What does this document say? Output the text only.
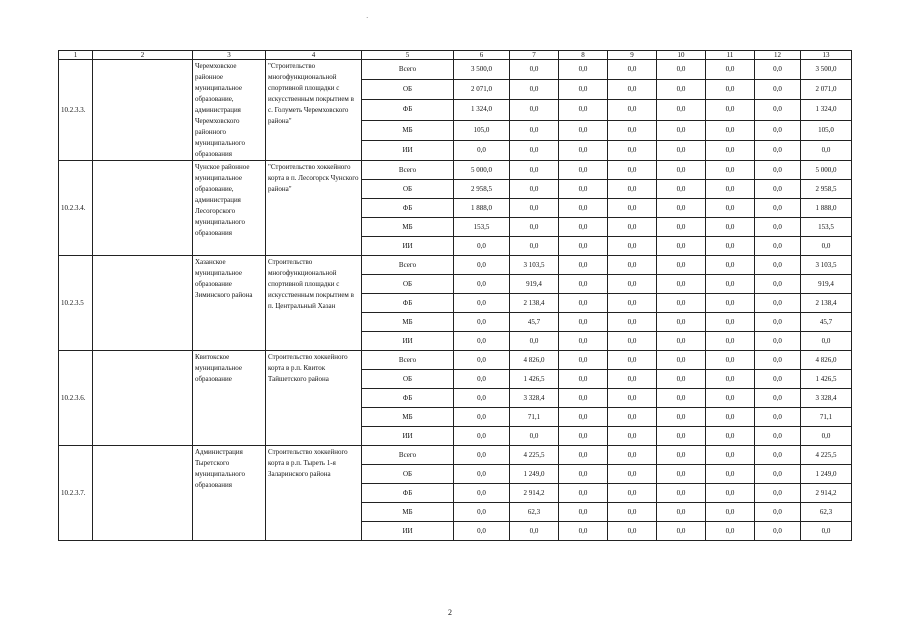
·
1	2	3	4	5	6	7	8	9	10	11	12	13
10.2.3.3.		Черемховское районное муниципальное образование, администрация Черемховского районного муниципального образования	"Строительство многофункциональной спортивной площадки с искусственным покрытием в с. Голуметь Черемховского района"	Всего	3 500,0	0,0	0,0	0,0	0,0	0,0	0,0	3 500,0
				ОБ	2 071,0	0,0	0,0	0,0	0,0	0,0	0,0	2 071,0
				ФБ	1 324,0	0,0	0,0	0,0	0,0	0,0	0,0	1 324,0
				МБ	105,0	0,0	0,0	0,0	0,0	0,0	0,0	105,0
				ИИ	0,0	0,0	0,0	0,0	0,0	0,0	0,0	0,0
10.2.3.4.		Чунское районное муниципальное образование, администрация Лесогорского муниципального образования	"Строительство хоккейного корта в п. Лесогорск Чунского района"	Всего	5 000,0	0,0	0,0	0,0	0,0	0,0	0,0	5 000,0
				ОБ	2 958,5	0,0	0,0	0,0	0,0	0,0	0,0	2 958,5
				ФБ	1 888,0	0,0	0,0	0,0	0,0	0,0	0,0	1 888,0
				МБ	153,5	0,0	0,0	0,0	0,0	0,0	0,0	153,5
				ИИ	0,0	0,0	0,0	0,0	0,0	0,0	0,0	0,0
10.2.3.5		Хазанское муниципальное образование Зиминского района	Строительство многофункциональной спортивной площадки с искусственным покрытием в п. Центральный Хазан	Всего	0,0	3 103,5	0,0	0,0	0,0	0,0	0,0	3 103,5
				ОБ	0,0	919,4	0,0	0,0	0,0	0,0	0,0	919,4
				ФБ	0,0	2 138,4	0,0	0,0	0,0	0,0	0,0	2 138,4
				МБ	0,0	45,7	0,0	0,0	0,0	0,0	0,0	45,7
				ИИ	0,0	0,0	0,0	0,0	0,0	0,0	0,0	0,0
10.2.3.6.		Квитокское муниципальное образование	Строительство хоккейного корта в р.п. Квиток Тайшетского района	Всего	0,0	4 826,0	0,0	0,0	0,0	0,0	0,0	4 826,0
				ОБ	0,0	1 426,5	0,0	0,0	0,0	0,0	0,0	1 426,5
				ФБ	0,0	3 328,4	0,0	0,0	0,0	0,0	0,0	3 328,4
				МБ	0,0	71,1	0,0	0,0	0,0	0,0	0,0	71,1
				ИИ	0,0	0,0	0,0	0,0	0,0	0,0	0,0	0,0
10.2.3.7.		Администрация Тыретского муниципального образования	Строительство хоккейного корта в р.п. Тыреть 1-я Заларинского района	Всего	0,0	4 225,5	0,0	0,0	0,0	0,0	0,0	4 225,5
				ОБ	0,0	1 249,0	0,0	0,0	0,0	0,0	0,0	1 249,0
				ФБ	0,0	2 914,2	0,0	0,0	0,0	0,0	0,0	2 914,2
				МБ	0,0	62,3	0,0	0,0	0,0	0,0	0,0	62,3
				ИИ	0,0	0,0	0,0	0,0	0,0	0,0	0,0	0,0
2
